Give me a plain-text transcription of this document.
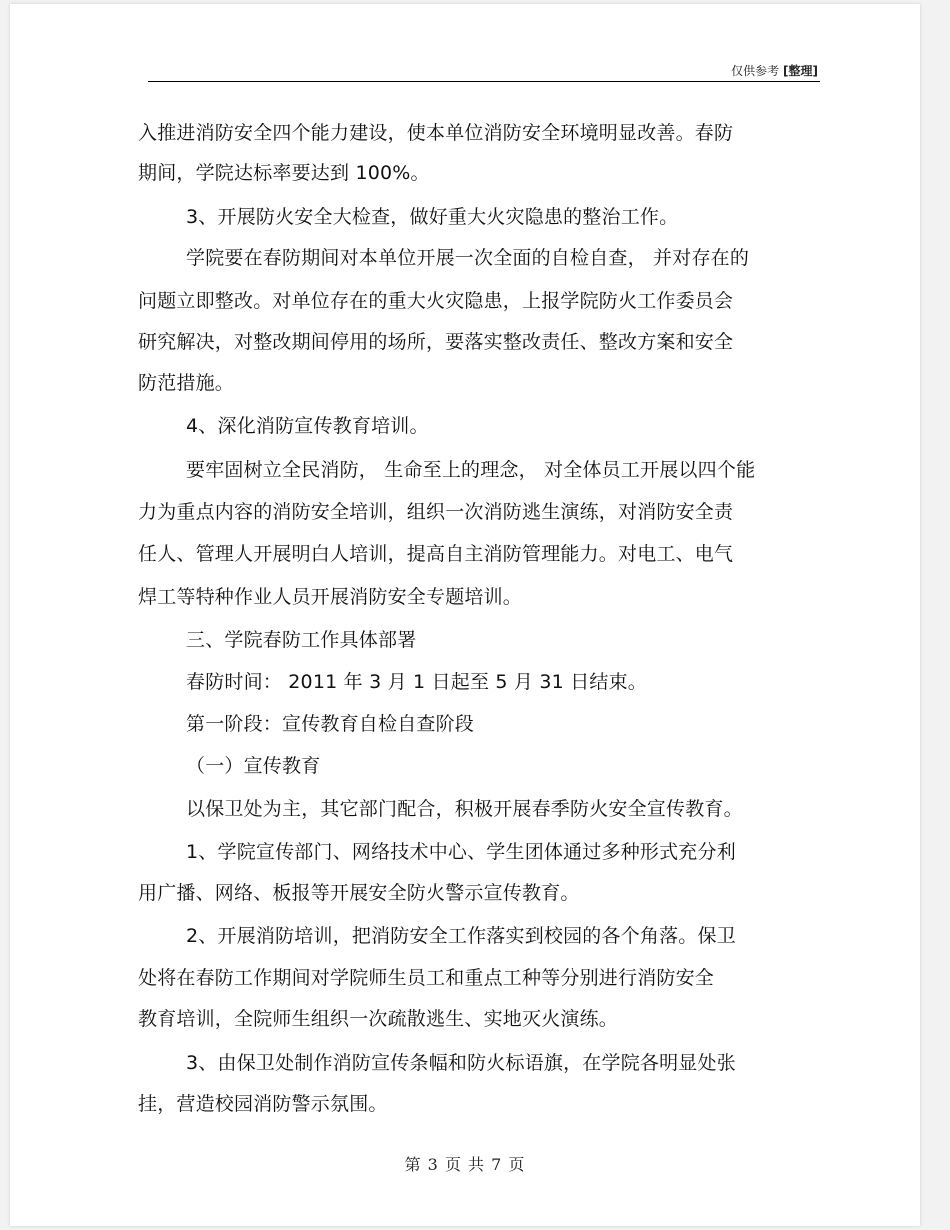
仅供参考 [整理]
入推进消防安全四个能力建设，使本单位消防安全环境明显改善。春防
期间，学院达标率要达到 100%。
3、开展防火安全大检查，做好重大火灾隐患的整治工作。
学院要在春防期间对本单位开展一次全面的自检自查， 并对存在的
问题立即整改。对单位存在的重大火灾隐患，上报学院防火工作委员会
研究解决，对整改期间停用的场所，要落实整改责任、整改方案和安全
防范措施。
4、深化消防宣传教育培训。
要牢固树立全民消防， 生命至上的理念， 对全体员工开展以四个能
力为重点内容的消防安全培训，组织一次消防逃生演练，对消防安全责
任人、管理人开展明白人培训，提高自主消防管理能力。对电工、电气
焊工等特种作业人员开展消防安全专题培训。
三、学院春防工作具体部署
春防时间： 2011 年 3 月 1 日起至 5 月 31 日结束。
第一阶段：宣传教育自检自查阶段
（一）宣传教育
以保卫处为主，其它部门配合，积极开展春季防火安全宣传教育。
1、学院宣传部门、网络技术中心、学生团体通过多种形式充分利
用广播、网络、板报等开展安全防火警示宣传教育。
2、开展消防培训，把消防安全工作落实到校园的各个角落。保卫
处将在春防工作期间对学院师生员工和重点工种等分别进行消防安全
教育培训，全院师生组织一次疏散逃生、实地灭火演练。
3、由保卫处制作消防宣传条幅和防火标语旗，在学院各明显处张
挂，营造校园消防警示氛围。
第 3 页 共 7 页
